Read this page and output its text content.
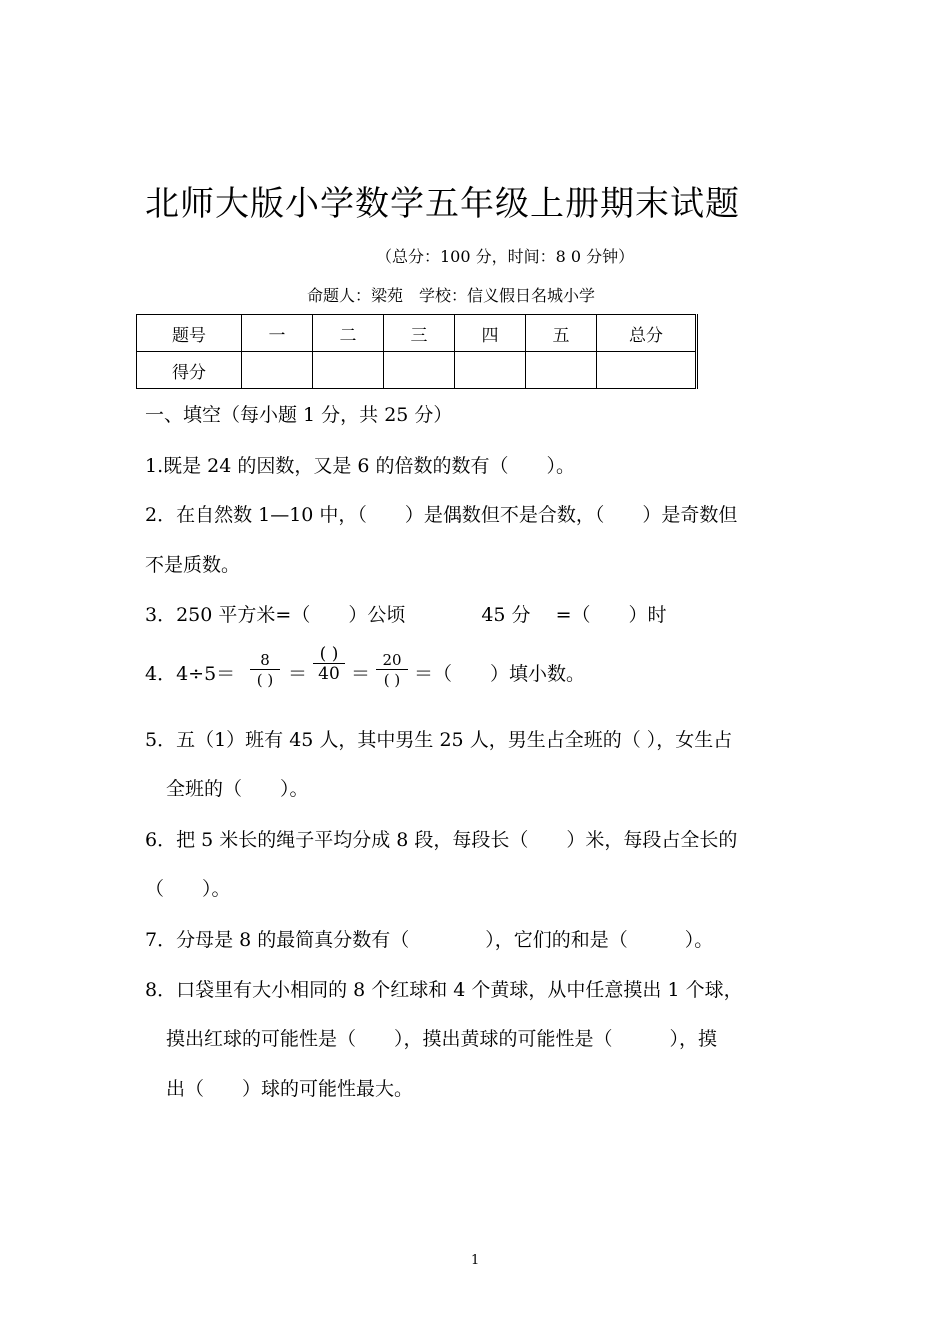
北师大版小学数学五年级上册期末试题
（总分：100 分，时间：8 0 分钟）
命题人：梁苑　学校：信义假日名城小学
题号	一	二	三	四	五	总分
得分						
一、填空（每小题 1 分，共 25 分）
1.既是 24 的因数，又是 6 的倍数的数有（　　）。
2．在自然数 1—10 中，（　　）是偶数但不是合数，（　　）是奇数但
不是质数。
3．250 平方米=（　　）公顷　　　　45 分　 =（　　）时
4．4÷5＝
8
( ) ＝
( )
40 ＝
20
( ) ＝（　　）填小数。
5．五（1）班有 45 人，其中男生 25 人，男生占全班的（ ），女生占
全班的（　　）。
6．把 5 米长的绳子平均分成 8 段，每段长（　　）米，每段占全长的
（　　）。
7．分母是 8 的最简真分数有（　　　　），它们的和是（　　　）。
8．口袋里有大小相同的 8 个红球和 4 个黄球，从中任意摸出 1 个球，
摸出红球的可能性是（　　），摸出黄球的可能性是（　　　），摸
出（　　）球的可能性最大。
1
